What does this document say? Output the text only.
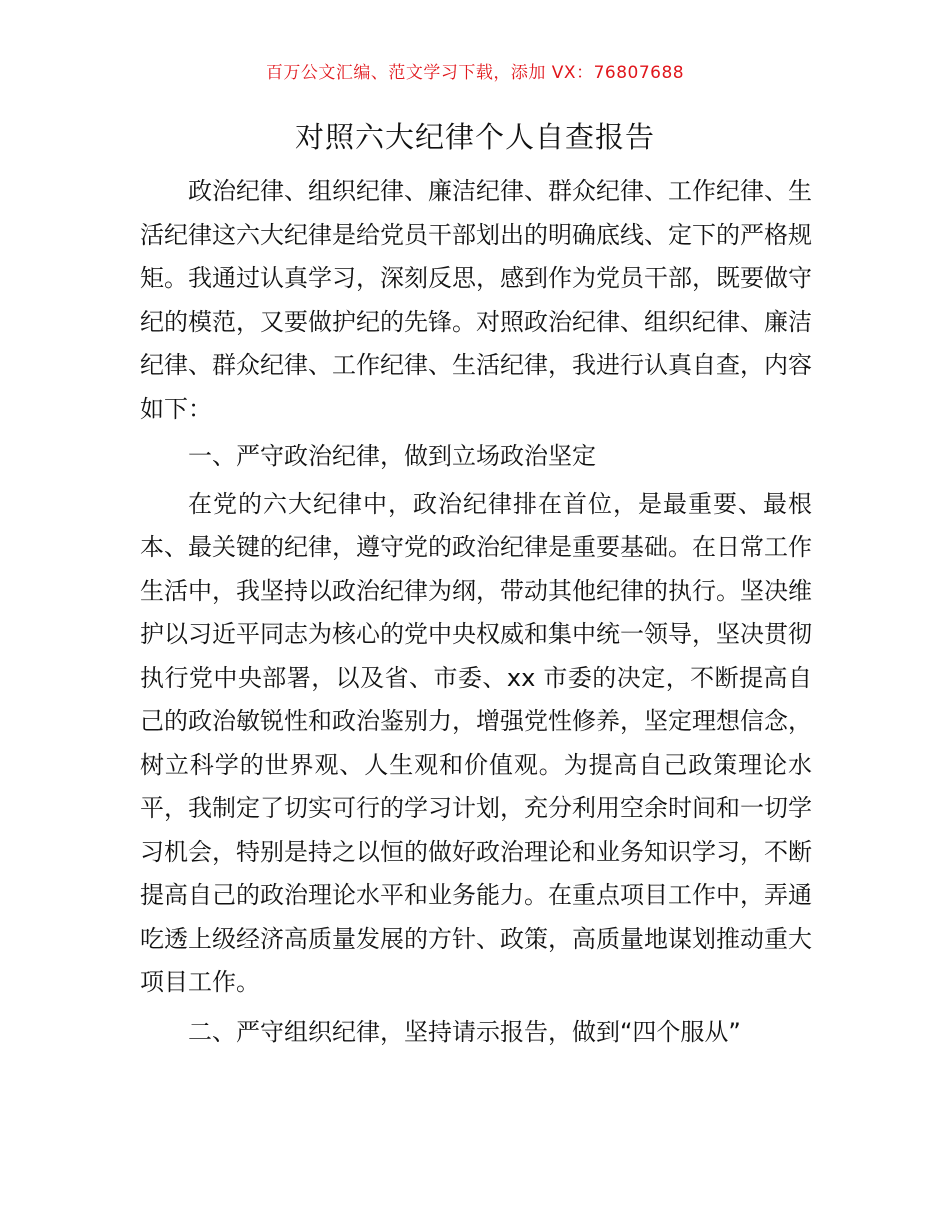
百万公文汇编、范文学习下载，添加 VX：76807688
对照六大纪律个人自查报告

政治纪律、组织纪律、廉洁纪律、群众纪律、工作纪律、生活纪律这六大纪律是给党员干部划出的明确底线、定下的严格规矩。我通过认真学习，深刻反思，感到作为党员干部，既要做守纪的模范，又要做护纪的先锋。对照政治纪律、组织纪律、廉洁纪律、群众纪律、工作纪律、生活纪律，我进行认真自查，内容如下：

一、严守政治纪律，做到立场政治坚定

在党的六大纪律中，政治纪律排在首位，是最重要、最根本、最关键的纪律，遵守党的政治纪律是重要基础。在日常工作生活中，我坚持以政治纪律为纲，带动其他纪律的执行。坚决维护以习近平同志为核心的党中央权威和集中统一领导，坚决贯彻执行党中央部署，以及省、市委、xx 市委的决定，不断提高自己的政治敏锐性和政治鉴别力，增强党性修养，坚定理想信念，树立科学的世界观、人生观和价值观。为提高自己政策理论水平，我制定了切实可行的学习计划，充分利用空余时间和一切学习机会，特别是持之以恒的做好政治理论和业务知识学习，不断提高自己的政治理论水平和业务能力。在重点项目工作中，弄通吃透上级经济高质量发展的方针、政策，高质量地谋划推动重大项目工作。

二、严守组织纪律，坚持请示报告，做到“四个服从”
